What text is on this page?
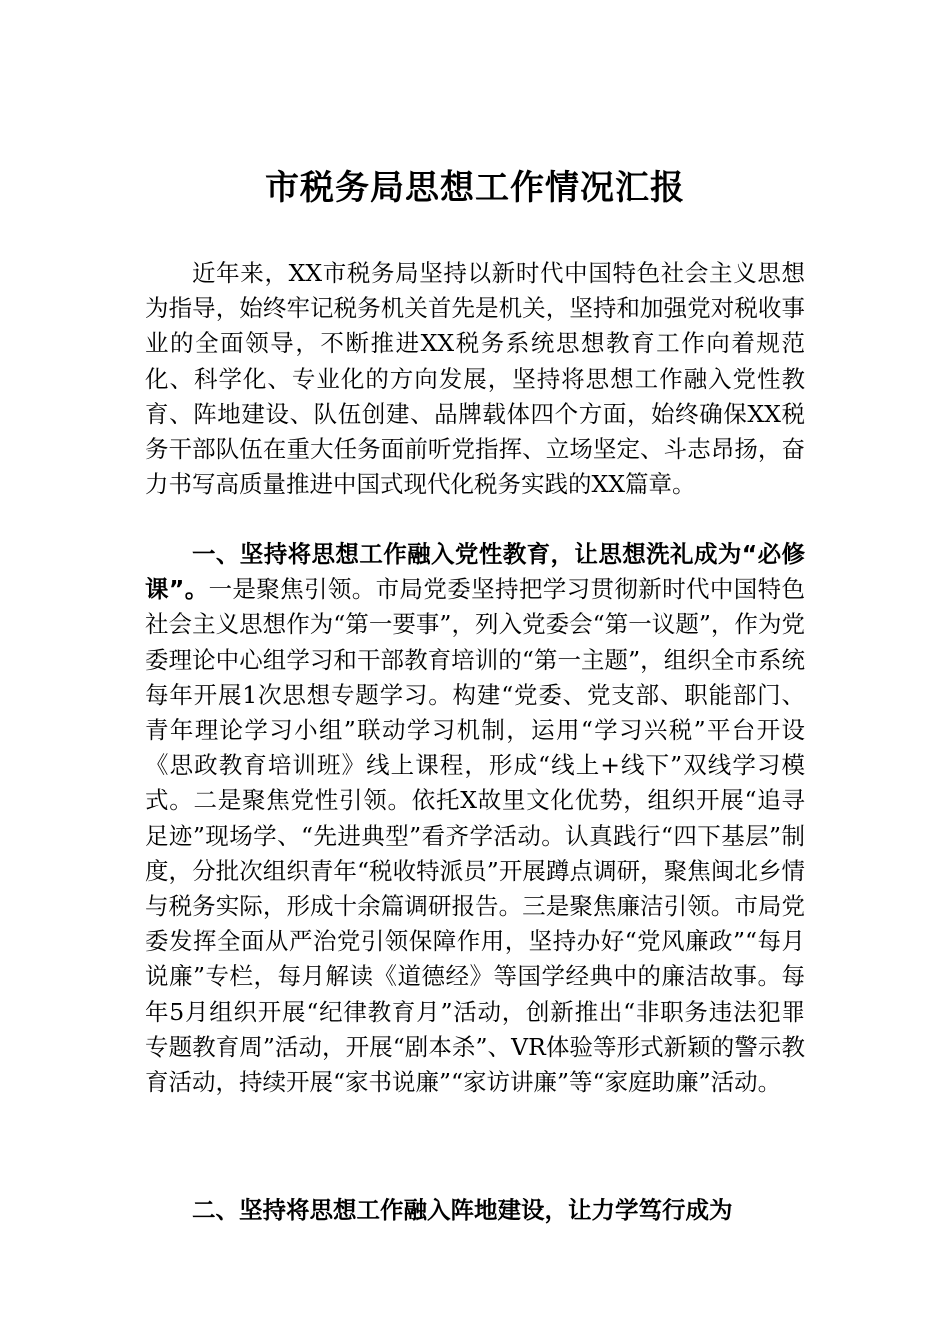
市税务局思想工作情况汇报

近年来，XX市税务局坚持以新时代中国特色社会主义思想为指导，始终牢记税务机关首先是机关，坚持和加强党对税收事业的全面领导，不断推进XX税务系统思想教育工作向着规范化、科学化、专业化的方向发展，坚持将思想工作融入党性教育、阵地建设、队伍创建、品牌载体四个方面，始终确保XX税务干部队伍在重大任务面前听党指挥、立场坚定、斗志昂扬，奋力书写高质量推进中国式现代化税务实践的XX篇章。

一、坚持将思想工作融入党性教育，让思想洗礼成为“必修课”。一是聚焦引领。市局党委坚持把学习贯彻新时代中国特色社会主义思想作为“第一要事”，列入党委会“第一议题”，作为党委理论中心组学习和干部教育培训的“第一主题”，组织全市系统每年开展1次思想专题学习。构建“党委、党支部、职能部门、青年理论学习小组”联动学习机制，运用“学习兴税”平台开设《思政教育培训班》线上课程，形成“线上+线下”双线学习模式。二是聚焦党性引领。依托X故里文化优势，组织开展“追寻足迹”现场学、“先进典型”看齐学活动。认真践行“四下基层”制度，分批次组织青年“税收特派员”开展蹲点调研，聚焦闽北乡情与税务实际，形成十余篇调研报告。三是聚焦廉洁引领。市局党委发挥全面从严治党引领保障作用，坚持办好“党风廉政”“每月说廉”专栏，每月解读《道德经》等国学经典中的廉洁故事。每年5月组织开展“纪律教育月”活动，创新推出“非职务违法犯罪专题教育周”活动，开展“剧本杀”、VR体验等形式新颖的警示教育活动，持续开展“家书说廉”“家访讲廉”等“家庭助廉”活动。

二、坚持将思想工作融入阵地建设，让力学笃行成为
